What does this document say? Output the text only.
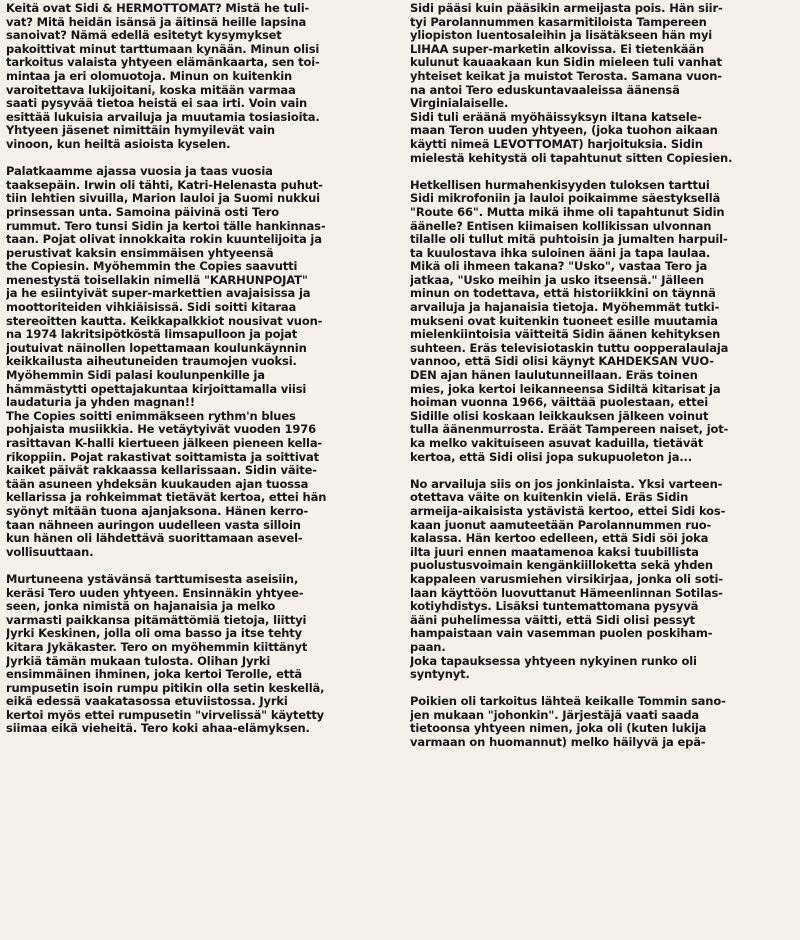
Keitä ovat Sidi & HERMOTTOMAT? Mistä he tuli-
vat? Mitä heidän isänsä ja äitinsä heille lapsina
sanoivat? Nämä edellä esitetyt kysymykset
pakoittivat minut tarttumaan kynään. Minun olisi
tarkoitus valaista yhtyeen elämänkaarta, sen toi-
mintaa ja eri olomuotoja. Minun on kuitenkin
varoitettava lukijoitani, koska mitään varmaa
saati pysyvää tietoa heistä ei saa irti. Voin vain
esittää lukuisia arvailuja ja muutamia tosiasioita.
Yhtyeen jäsenet nimittäin hymyilevät vain
vinoon, kun heiltä asioista kyselen.
Palatkaamme ajassa vuosia ja taas vuosia
taaksepäin. Irwin oli tähti, Katri-Helenasta puhut-
tiin lehtien sivuilla, Marion lauloi ja Suomi nukkui
prinsessan unta. Samoina päivinä osti Tero
rummut. Tero tunsi Sidin ja kertoi tälle hankinnas-
taan. Pojat olivat innokkaita rokin kuuntelijoita ja
perustivat kaksin ensimmäisen yhtyeensä
the Copiesin. Myöhemmin the Copies saavutti
menestystä toisellakin nimellä "KARHUNPOJAT"
ja he esiintyivät super-markettien avajaisissa ja
moottoriteiden vihkiäisissä. Sidi soitti kitaraa
stereoitten kautta. Keikkapalkkiot nousivat vuon-
na 1974 lakritsipötköstä limsapulloon ja pojat
joutuivat näinollen lopettamaan koulunkäynnin
keikkailusta aiheutuneiden traumojen vuoksi.
Myöhemmin Sidi palasi koulunpenkille ja
hämmästytti opettajakuntaa kirjoittamalla viisi
laudaturia ja yhden magnan!!
The Copies soitti enimmäkseen rythm'n blues
pohjaista musiikkia. He vetäytyivät vuoden 1976
rasittavan K-halli kiertueen jälkeen pieneen kella-
rikoppiin. Pojat rakastivat soittamista ja soittivat
kaiket päivät rakkaassa kellarissaan. Sidin väite-
tään asuneen yhdeksän kuukauden ajan tuossa
kellarissa ja rohkeimmat tietävät kertoa, ettei hän
syönyt mitään tuona ajanjaksona. Hänen kerro-
taan nähneen auringon uudelleen vasta silloin
kun hänen oli lähdettävä suorittamaan asevel-
vollisuuttaan.
Murtuneena ystävänsä tarttumisesta aseisiin,
keräsi Tero uuden yhtyeen. Ensinnäkin yhtyee-
seen, jonka nimistä on hajanaisia ja melko
varmasti paikkansa pitämättömiä tietoja, liittyi
Jyrki Keskinen, jolla oli oma basso ja itse tehty
kitara Jykäkaster. Tero on myöhemmin kiittänyt
Jyrkiä tämän mukaan tulosta. Olihan Jyrki
ensimmäinen ihminen, joka kertoi Terolle, että
rumpusetin isoin rumpu pitikin olla setin keskellä,
eikä edessä vaakatasossa etuviistossa. Jyrki
kertoi myös ettei rumpusetin "virvelissä" käytetty
siimaa eikä vieheitä. Tero koki ahaa-elämyksen.
Sidi pääsi kuin pääsikin armeijasta pois. Hän siir-
tyi Parolannummen kasarmitiloista Tampereen
yliopiston luentosaleihin ja lisätäkseen hän myi
LIHAA super-marketin alkovissa. Ei tietenkään
kulunut kauaakaan kun Sidin mieleen tuli vanhat
yhteiset keikat ja muistot Terosta. Samana vuon-
na antoi Tero eduskuntavaaleissa äänensä
Virginialaiselle.
Sidi tuli eräänä myöhäissyksyn iltana katsele-
maan Teron uuden yhtyeen, (joka tuohon aikaan
käytti nimeä LEVOTTOMAT) harjoituksia. Sidin
mielestä kehitystä oli tapahtunut sitten Copiesien.
Hetkellisen hurmahenkisyyden tuloksen tarttui
Sidi mikrofoniin ja lauloi poikaimme säestyksellä
"Route 66". Mutta mikä ihme oli tapahtunut Sidin
äänelle? Entisen kiimaisen kollikissan ulvonnan
tilalle oli tullut mitä puhtoisin ja jumalten harpuil-
ta kuulostava ihka suloinen ääni ja tapa laulaa.
Mikä oli ihmeen takana? "Usko", vastaa Tero ja
jatkaa, "Usko meihin ja usko itseensä." Jälleen
minun on todettava, että historiikkini on täynnä
arvailuja ja hajanaisia tietoja. Myöhemmät tutki-
mukseni ovat kuitenkin tuoneet esille muutamia
mielenkiintoisia väitteitä Sidin äänen kehityksen
suhteen. Eräs televisiotaskin tuttu oopperalaulaja
vannoo, että Sidi olisi käynyt KAHDEKSAN VUO-
DEN ajan hänen laulutunneillaan. Eräs toinen
mies, joka kertoi leikanneensa Sidiltä kitarisat ja
hoiman vuonna 1966, väittää puolestaan, ettei
Sidille olisi koskaan leikkauksen jälkeen voinut
tulla äänenmurrosta. Eräät Tampereen naiset, jot-
ka melko vakituiseen asuvat kaduilla, tietävät
kertoa, että Sidi olisi jopa sukupuoleton ja...
No arvailuja siis on jos jonkinlaista. Yksi varteen-
otettava väite on kuitenkin vielä. Eräs Sidin
armeija-aikaisista ystävistä kertoo, ettei Sidi kos-
kaan juonut aamuteetään Parolannummen ruo-
kalassa. Hän kertoo edelleen, että Sidi söi joka
ilta juuri ennen maatamenoa kaksi tuubillista
puolustusvoimain kengänkiilloketta sekä yhden
kappaleen varusmiehen virsikirjaa, jonka oli soti-
laan käyttöön luovuttanut Hämeenlinnan Sotilas-
kotiyhdistys. Lisäksi tuntemattomana pysyvä
ääni puhelimessa väitti, että Sidi olisi pessyt
hampaistaan vain vasemman puolen poskiham-
paan.
Joka tapauksessa yhtyeen nykyinen runko oli
syntynyt.
Poikien oli tarkoitus lähteä keikalle Tommin sano-
jen mukaan "johonkin". Järjestäjä vaati saada
tietoonsa yhtyeen nimen, joka oli (kuten lukija
varmaan on huomannut) melko häilyvä ja epä-
